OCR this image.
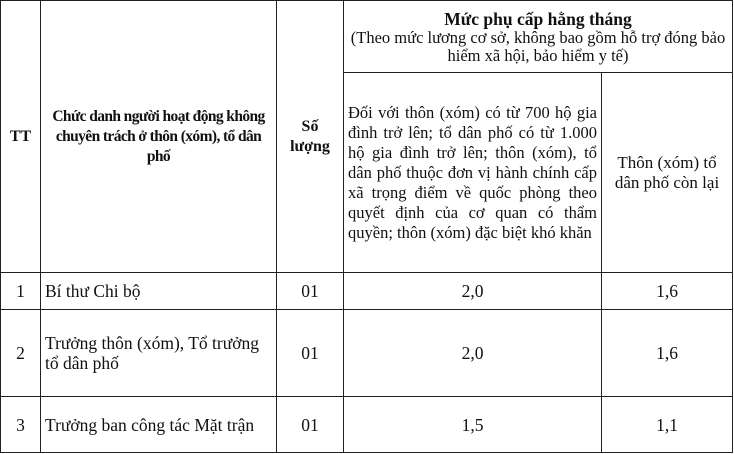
TT	Chức danh người hoạt động không chuyên trách ở thôn (xóm), tổ dân phố	Số lượng	Mức phụ cấp hằng tháng
(Theo mức lương cơ sở, không bao gồm hỗ trợ đóng bảo hiểm xã hội, bảo hiểm y tế)	

			Đối với thôn (xóm) có từ 700 hộ gia đình trở lên; tổ dân phố có từ 1.000 hộ gia đình trở lên; thôn (xóm), tổ dân phố thuộc đơn vị hành chính cấp xã trọng điểm về quốc phòng theo quyết định của cơ quan có thẩm quyền; thôn (xóm) đặc biệt khó khăn	Thôn (xóm) tổ dân phố còn lại
1	Bí thư Chi bộ	01	2,0	1,6
2	Trưởng thôn (xóm), Tổ trưởng tổ dân phố	01	2,0	1,6
3	Trưởng ban công tác Mặt trận	01	1,5	1,1
